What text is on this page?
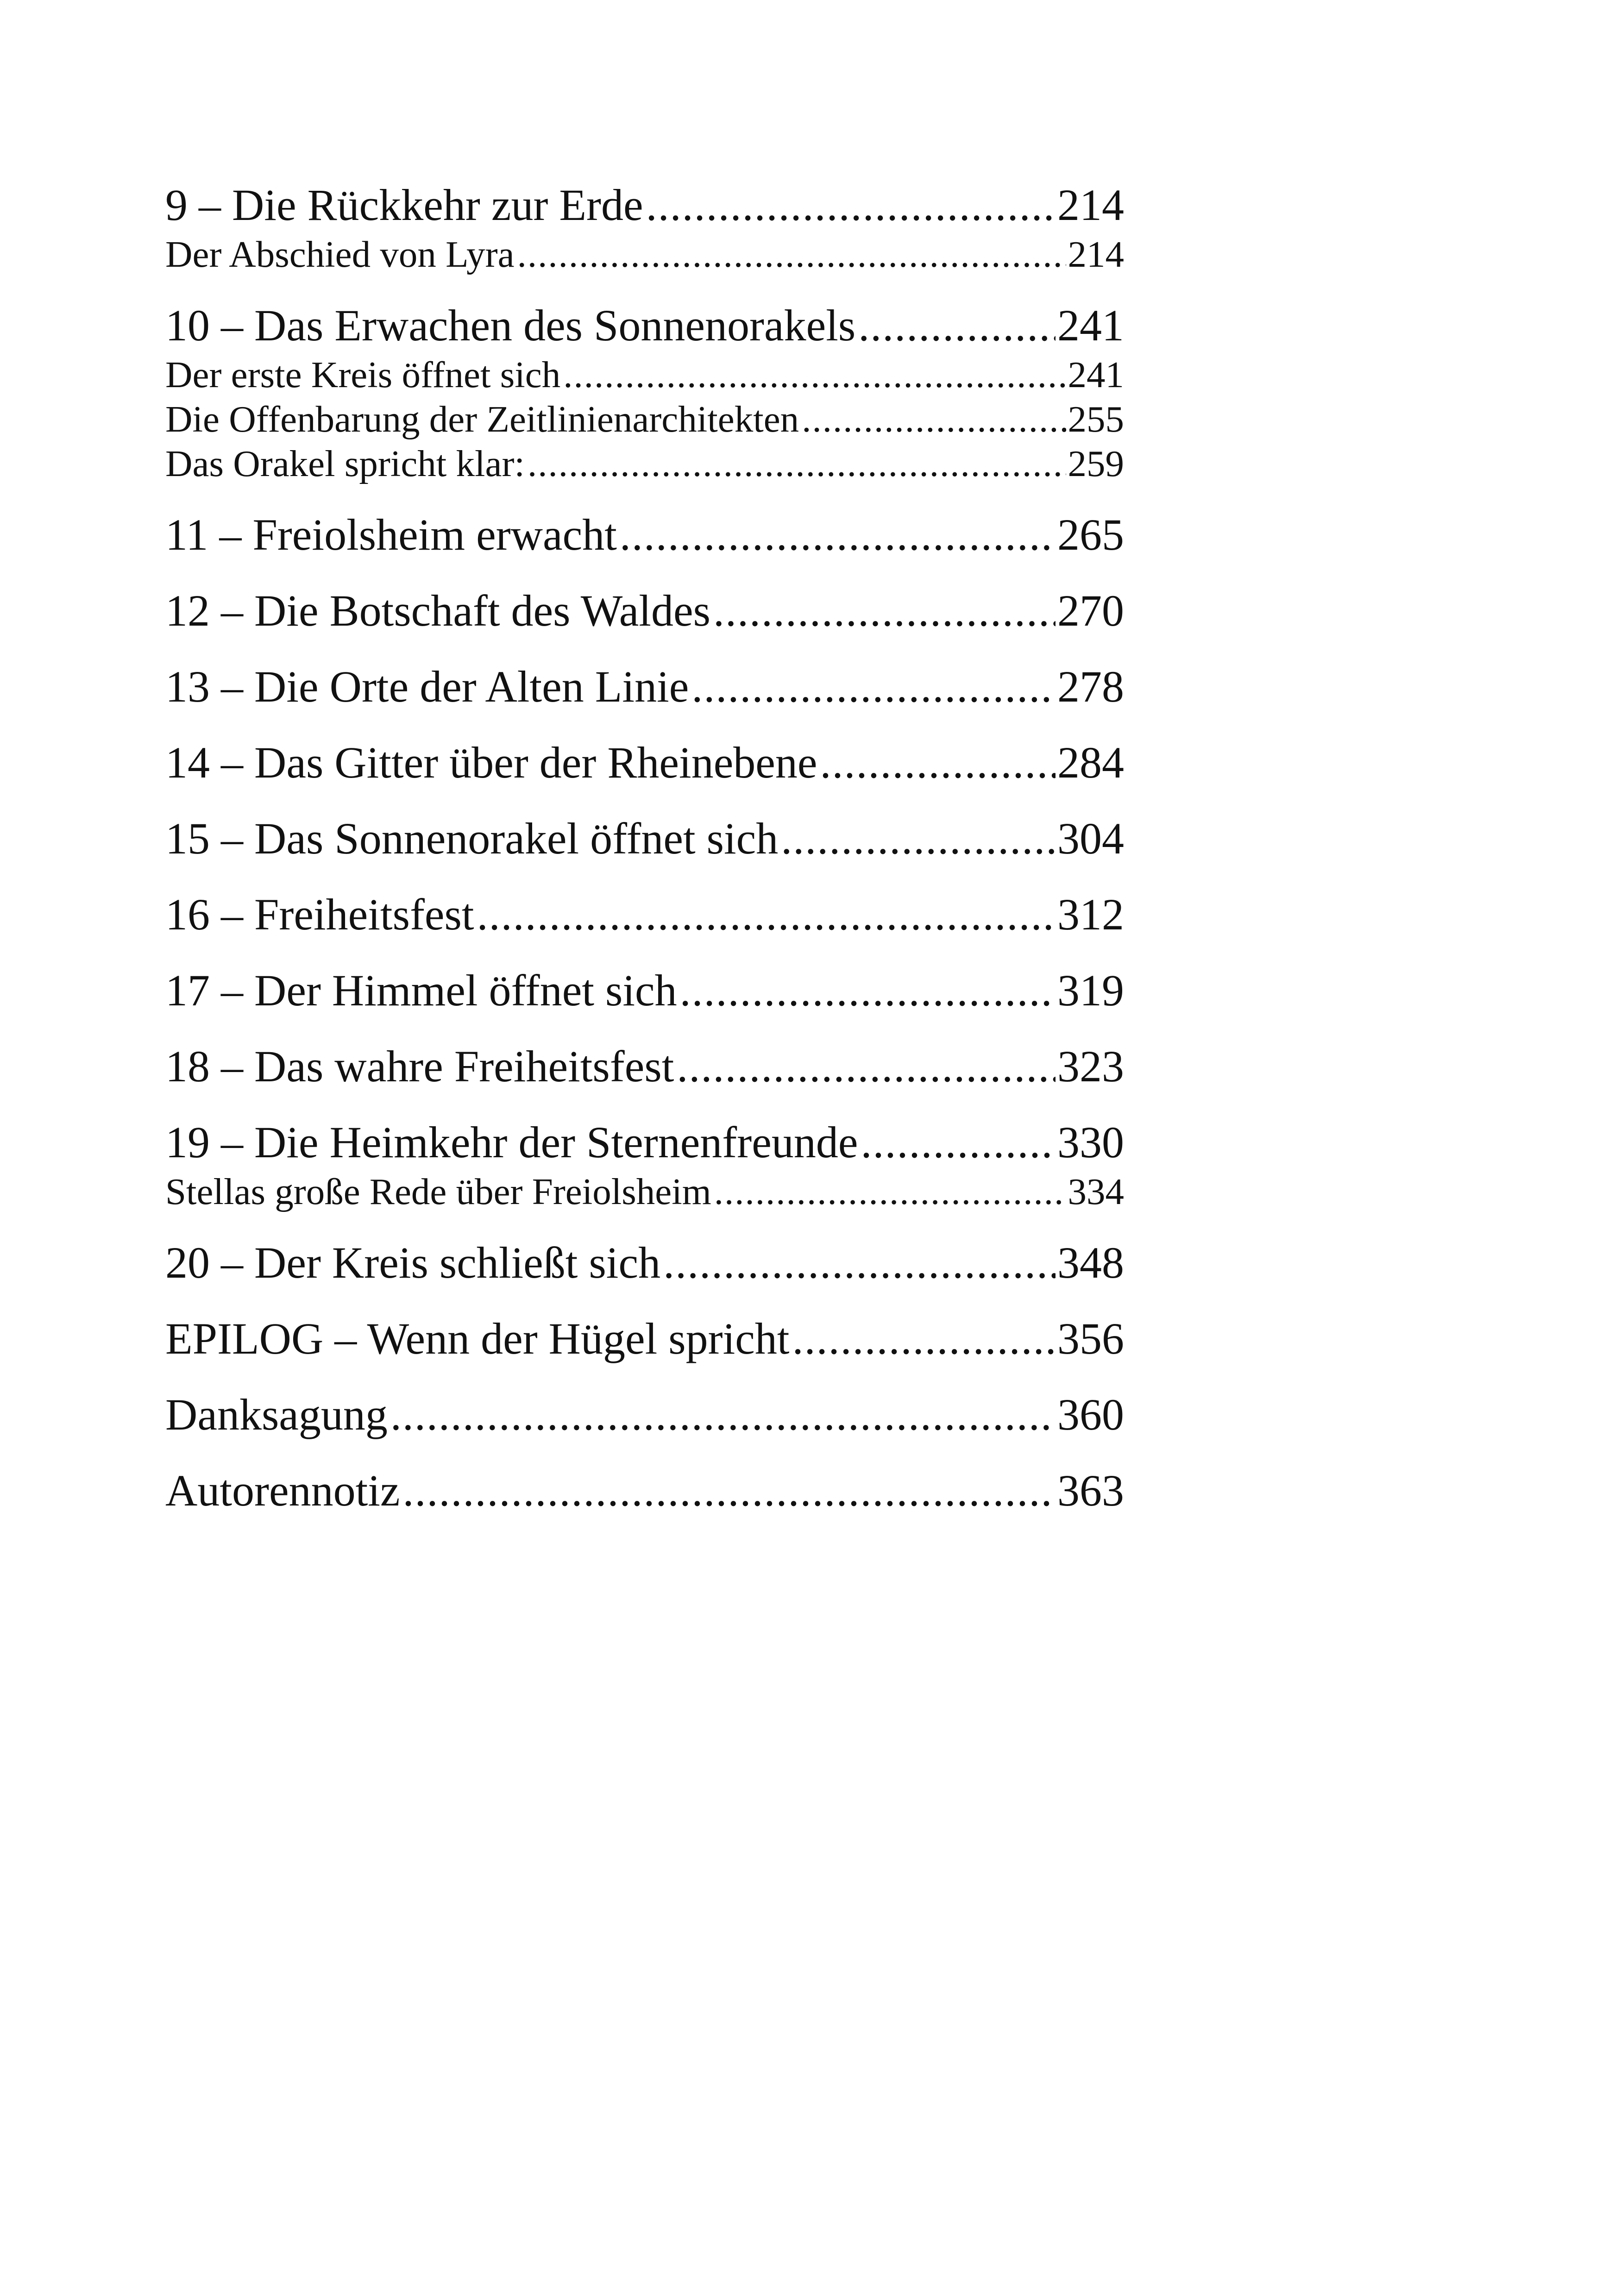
9 – Die Rückkehr zur Erde .....	214
Der Abschied von Lyra .....	214
10 – Das Erwachen des Sonnenorakels .....	241
Der erste Kreis öffnet sich .....	241
Die Offenbarung der Zeitlinienarchitekten .....	255
Das Orakel spricht klar: .....	259
11 – Freiolsheim erwacht .....	265
12 – Die Botschaft des Waldes .....	270
13 – Die Orte der Alten Linie .....	278
14 – Das Gitter über der Rheinebene .....	284
15 – Das Sonnenorakel öffnet sich .....	304
16 – Freiheitsfest .....	312
17 – Der Himmel öffnet sich .....	319
18 – Das wahre Freiheitsfest .....	323
19 – Die Heimkehr der Sternenfreunde .....	330
Stellas große Rede über Freiolsheim .....	334
20 – Der Kreis schließt sich .....	348
EPILOG – Wenn der Hügel spricht .....	356
Danksagung .....	360
Autorennotiz .....	363
